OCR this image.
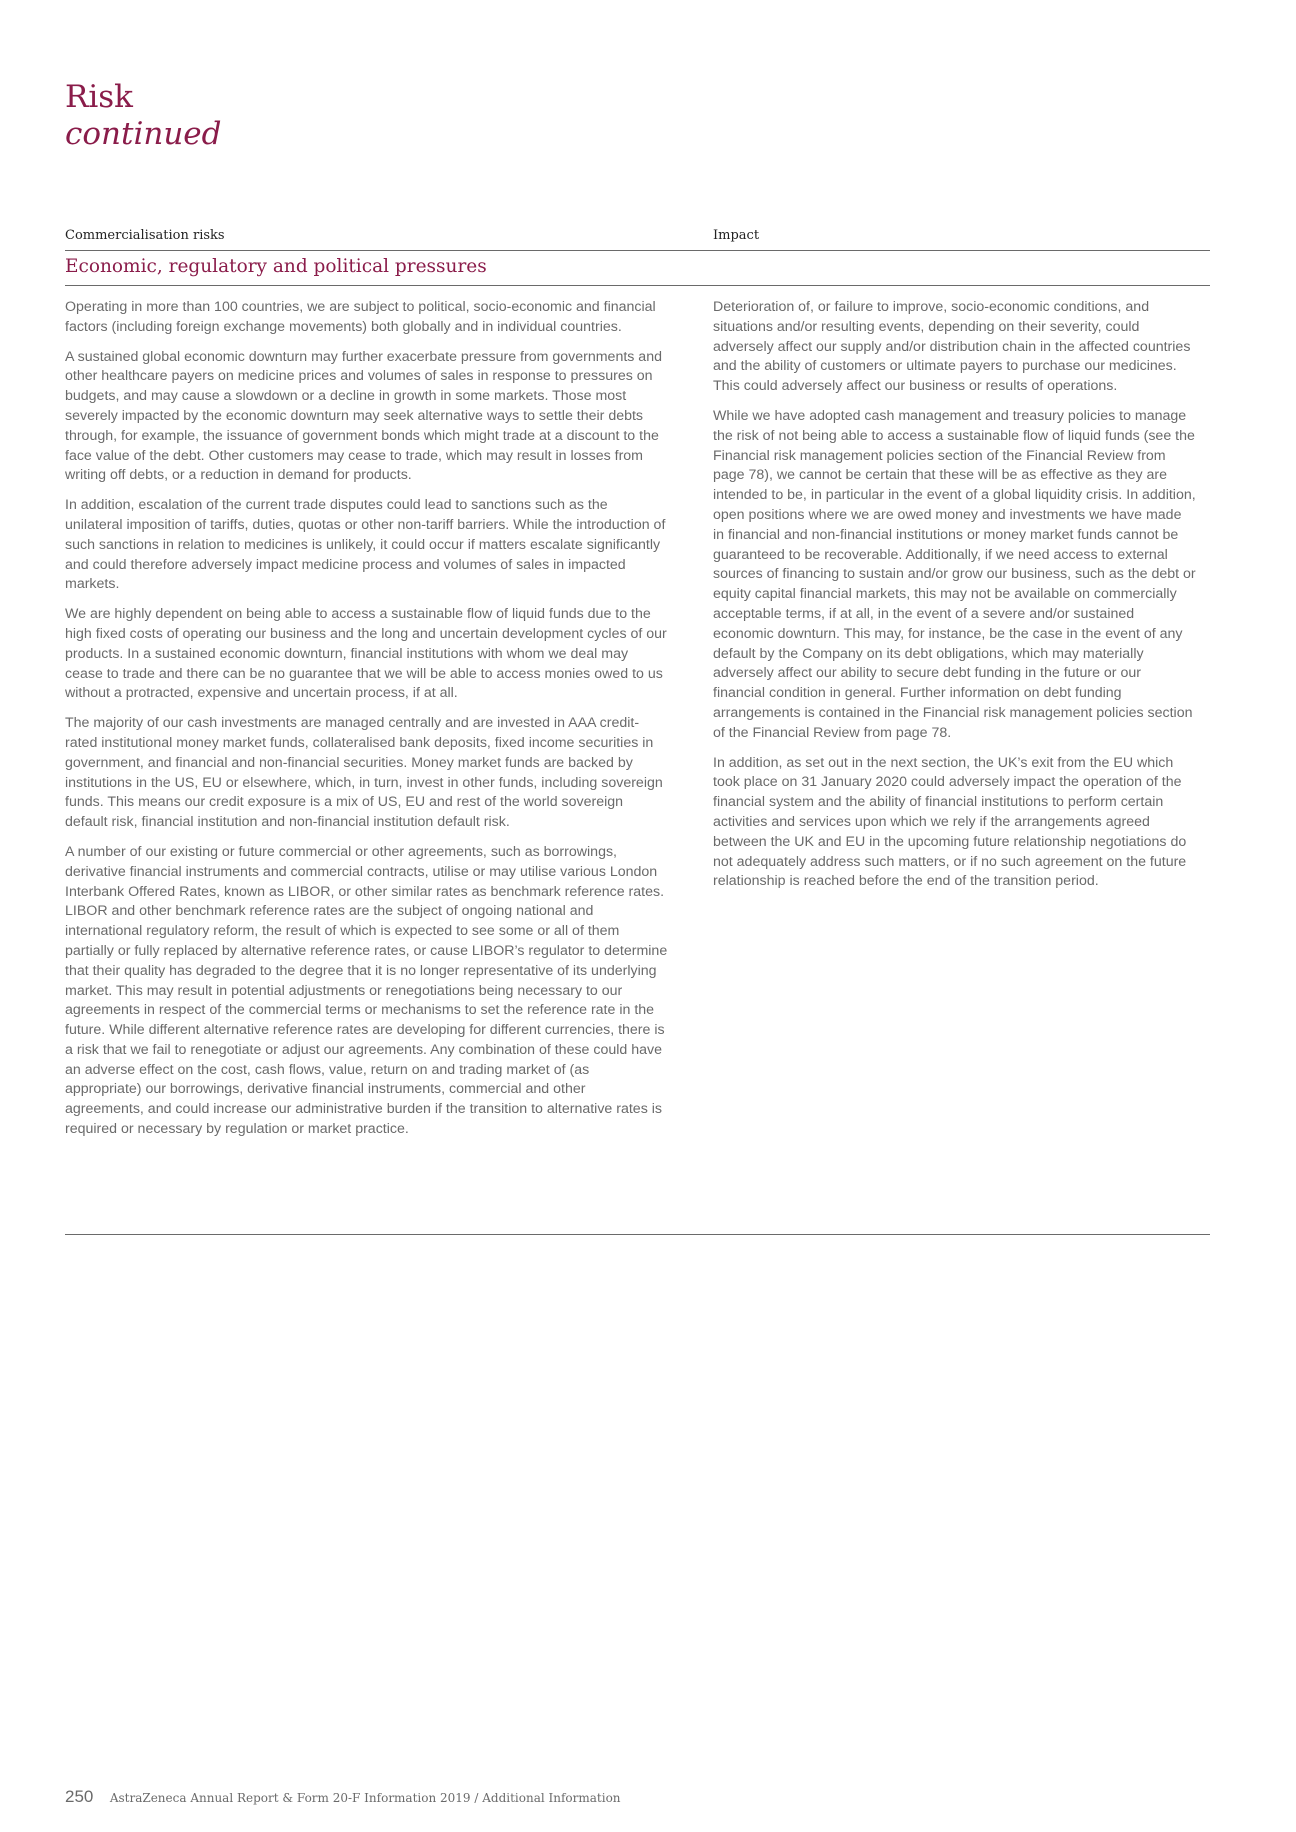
Risk
continued
Commercialisation risks	Impact
Economic, regulatory and political pressures

Operating in more than 100 countries, we are subject to political, socio-economic and financial factors (including foreign exchange movements) both globally and in individual countries.

A sustained global economic downturn may further exacerbate pressure from governments and other healthcare payers on medicine prices and volumes of sales in response to pressures on budgets, and may cause a slowdown or a decline in growth in some markets. Those most severely impacted by the economic downturn may seek alternative ways to settle their debts through, for example, the issuance of government bonds which might trade at a discount to the face value of the debt. Other customers may cease to trade, which may result in losses from writing off debts, or a reduction in demand for products.

In addition, escalation of the current trade disputes could lead to sanctions such as the unilateral imposition of tariffs, duties, quotas or other non-tariff barriers. While the introduction of such sanctions in relation to medicines is unlikely, it could occur if matters escalate significantly and could therefore adversely impact medicine process and volumes of sales in impacted markets.

We are highly dependent on being able to access a sustainable flow of liquid funds due to the high fixed costs of operating our business and the long and uncertain development cycles of our products. In a sustained economic downturn, financial institutions with whom we deal may cease to trade and there can be no guarantee that we will be able to access monies owed to us without a protracted, expensive and uncertain process, if at all.

The majority of our cash investments are managed centrally and are invested in AAA credit-rated institutional money market funds, collateralised bank deposits, fixed income securities in government, and financial and non-financial securities. Money market funds are backed by institutions in the US, EU or elsewhere, which, in turn, invest in other funds, including sovereign funds. This means our credit exposure is a mix of US, EU and rest of the world sovereign default risk, financial institution and non-financial institution default risk.

A number of our existing or future commercial or other agreements, such as borrowings, derivative financial instruments and commercial contracts, utilise or may utilise various London Interbank Offered Rates, known as LIBOR, or other similar rates as benchmark reference rates. LIBOR and other benchmark reference rates are the subject of ongoing national and international regulatory reform, the result of which is expected to see some or all of them partially or fully replaced by alternative reference rates, or cause LIBOR’s regulator to determine that their quality has degraded to the degree that it is no longer representative of its underlying market. This may result in potential adjustments or renegotiations being necessary to our agreements in respect of the commercial terms or mechanisms to set the reference rate in the future. While different alternative reference rates are developing for different currencies, there is a risk that we fail to renegotiate or adjust our agreements. Any combination of these could have an adverse effect on the cost, cash flows, value, return on and trading market of (as appropriate) our borrowings, derivative financial instruments, commercial and other agreements, and could increase our administrative burden if the transition to alternative rates is required or necessary by regulation or market practice.

Deterioration of, or failure to improve, socio-economic conditions, and situations and/or resulting events, depending on their severity, could adversely affect our supply and/or distribution chain in the affected countries and the ability of customers or ultimate payers to purchase our medicines. This could adversely affect our business or results of operations.

While we have adopted cash management and treasury policies to manage the risk of not being able to access a sustainable flow of liquid funds (see the Financial risk management policies section of the Financial Review from page 78), we cannot be certain that these will be as effective as they are intended to be, in particular in the event of a global liquidity crisis. In addition, open positions where we are owed money and investments we have made in financial and non-financial institutions or money market funds cannot be guaranteed to be recoverable. Additionally, if we need access to external sources of financing to sustain and/or grow our business, such as the debt or equity capital financial markets, this may not be available on commercially acceptable terms, if at all, in the event of a severe and/or sustained economic downturn. This may, for instance, be the case in the event of any default by the Company on its debt obligations, which may materially adversely affect our ability to secure debt funding in the future or our financial condition in general. Further information on debt funding arrangements is contained in the Financial risk management policies section of the Financial Review from page 78.

In addition, as set out in the next section, the UK’s exit from the EU which took place on 31 January 2020 could adversely impact the operation of the financial system and the ability of financial institutions to perform certain activities and services upon which we rely if the arrangements agreed between the UK and EU in the upcoming future relationship negotiations do not adequately address such matters, or if no such agreement on the future relationship is reached before the end of the transition period.

250 AstraZeneca Annual Report & Form 20-F Information 2019 / Additional Information
